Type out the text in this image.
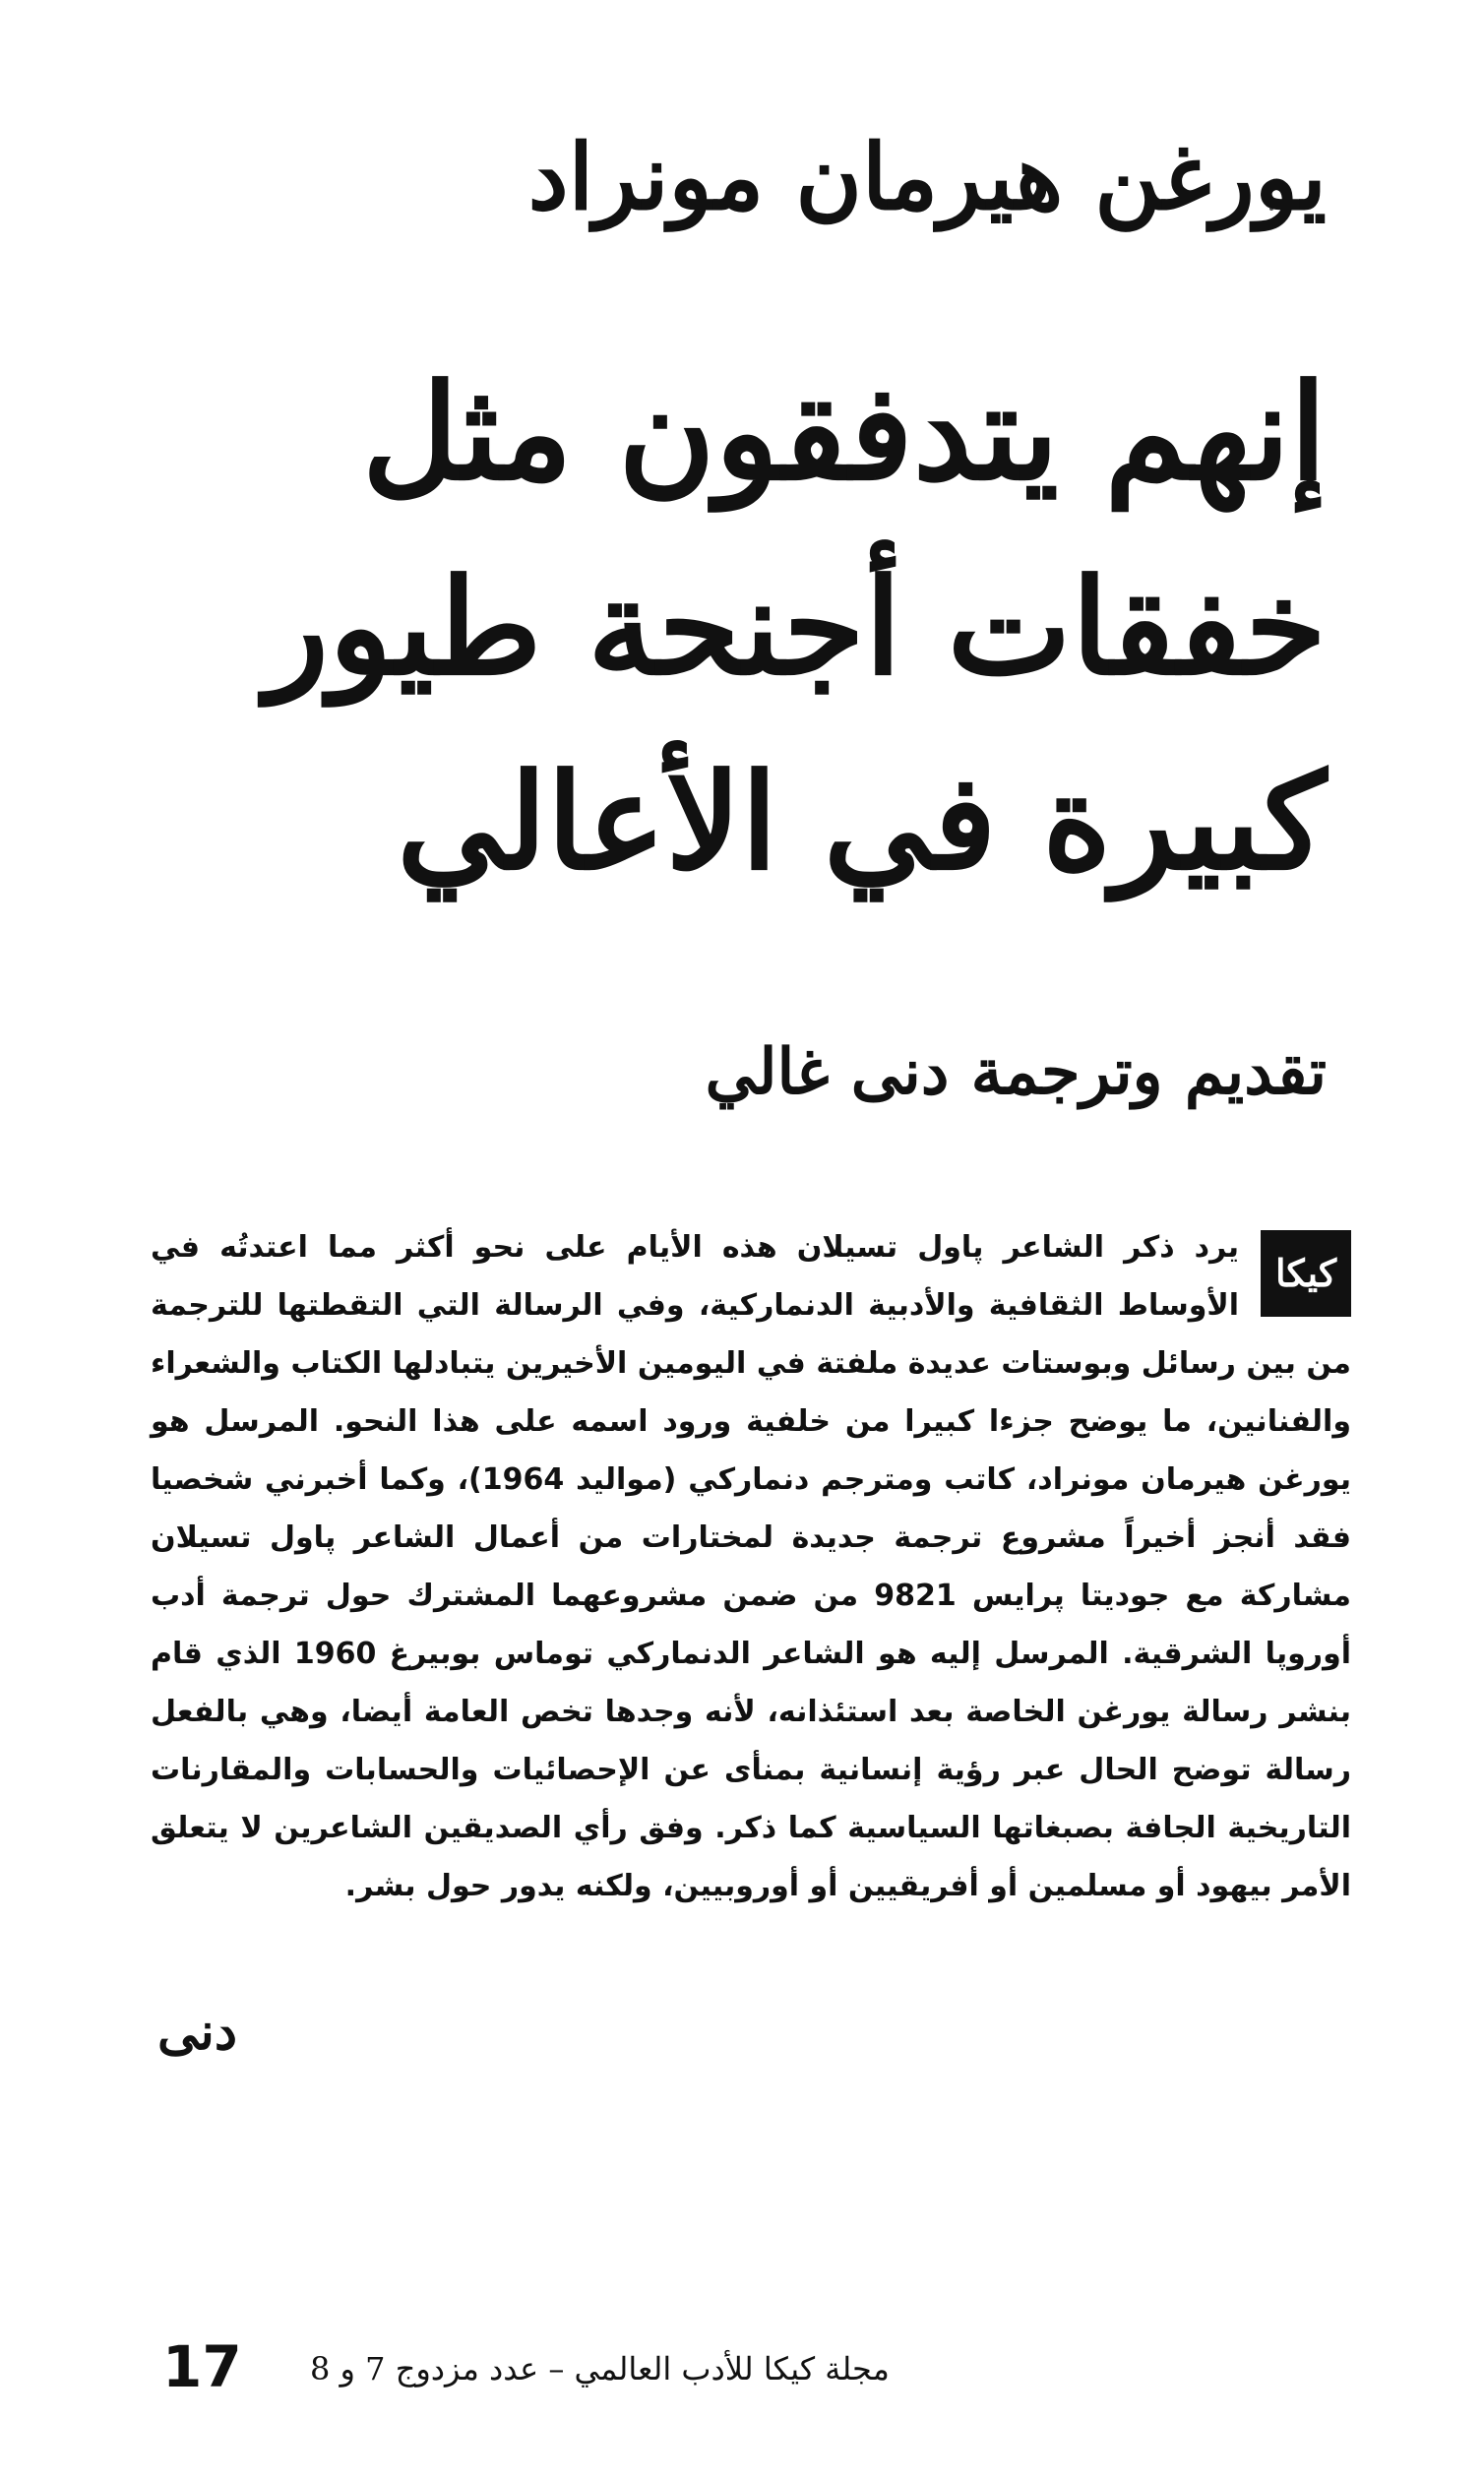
يورغن هيرمان مونراد
إنهم يتدفقون مثل
خفقات أجنحة طيور
كبيرة في الأعالي
تقديم وترجمة دنى غالي
كيكا
يرد ذكر الشاعر پاول تسيلان هذه الأيام على نحو أكثر مما اعتدتُه في الأوساط الثقافية والأدبية الدنماركية، وفي الرسالة التي التقطتها للترجمة من بين رسائل وبوستات عديدة ملفتة في اليومين الأخيرين يتبادلها الكتاب والشعراء والفنانين، ما يوضح جزءا كبيرا من خلفية ورود اسمه على هذا النحو. المرسل هو يورغن هيرمان مونراد، كاتب ومترجم دنماركي (مواليد 1964)، وكما أخبرني شخصيا فقد أنجز أخيراً مشروع ترجمة جديدة لمختارات من أعمال الشاعر پاول تسيلان مشاركة مع جوديتا پرايس 9821 من ضمن مشروعهما المشترك حول ترجمة أدب أوروپا الشرقية. المرسل إليه هو الشاعر الدنماركي توماس بوبيرغ 1960 الذي قام بنشر رسالة يورغن الخاصة بعد استئذانه، لأنه وجدها تخص العامة أيضا، وهي بالفعل رسالة توضح الحال عبر رؤية إنسانية بمنأى عن الإحصائيات والحسابات والمقارنات التاريخية الجافة بصبغاتها السياسية كما ذكر. وفق رأي الصديقين الشاعرين لا يتعلق الأمر بيهود أو مسلمين أو أفريقيين أو أوروبيين، ولكنه يدور حول بشر.
دنى
17 مجلة كيكا للأدب العالمي – عدد مزدوج 7 و 8
